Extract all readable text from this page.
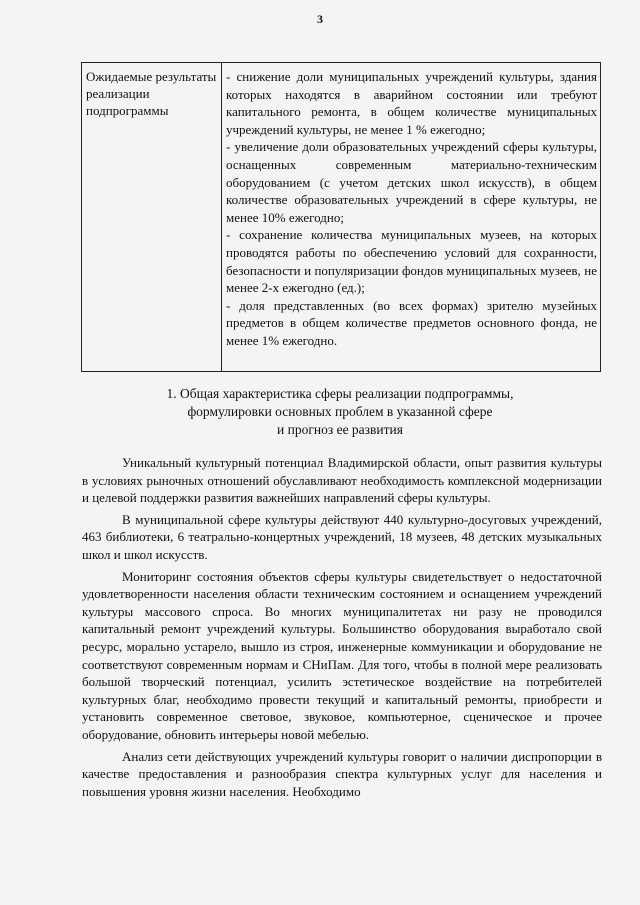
3
Ожидаемые результаты реализации подпрограммы

- снижение доли муниципальных учреждений культуры, здания которых находятся в аварийном состоянии или требуют капитального ремонта, в общем количестве муниципальных учреждений культуры, не менее 1 % ежегодно;

- увеличение доли образовательных учреждений сферы культуры, оснащенных современным материально-техническим оборудованием (с учетом детских школ искусств), в общем количестве образовательных учреждений в сфере культуры, не менее 10% ежегодно;

- сохранение количества муниципальных музеев, на которых проводятся работы по обеспечению условий для сохранности, безопасности и популяризации фондов муниципальных музеев, не менее 2-х ежегодно (ед.);

- доля представленных (во всех формах) зрителю музейных предметов в общем количестве предметов основного фонда, не менее 1% ежегодно.

1. Общая характеристика сферы реализации подпрограммы,
формулировки основных проблем в указанной сфере
и прогноз ее развития

Уникальный культурный потенциал Владимирской области, опыт развития культуры в условиях рыночных отношений обуславливают необходимость комплексной модернизации и целевой поддержки развития важнейших направлений сферы культуры.

В муниципальной сфере культуры действуют 440 культурно-досуговых учреждений, 463 библиотеки, 6 театрально-концертных учреждений, 18 музеев, 48 детских музыкальных школ и школ искусств.

Мониторинг состояния объектов сферы культуры свидетельствует о недостаточной удовлетворенности населения области техническим состоянием и оснащением учреждений культуры массового спроса. Во многих муниципалитетах ни разу не проводился капитальный ремонт учреждений культуры. Большинство оборудования выработало свой ресурс, морально устарело, вышло из строя, инженерные коммуникации и оборудование не соответствуют современным нормам и СНиПам. Для того, чтобы в полной мере реализовать большой творческий потенциал, усилить эстетическое воздействие на потребителей культурных благ, необходимо провести текущий и капитальный ремонты, приобрести и установить современное световое, звуковое, компьютерное, сценическое и прочее оборудование, обновить интерьеры новой мебелью.

Анализ сети действующих учреждений культуры говорит о наличии диспропорции в качестве предоставления и разнообразия спектра культурных услуг для населения и повышения уровня жизни населения. Необходимо
